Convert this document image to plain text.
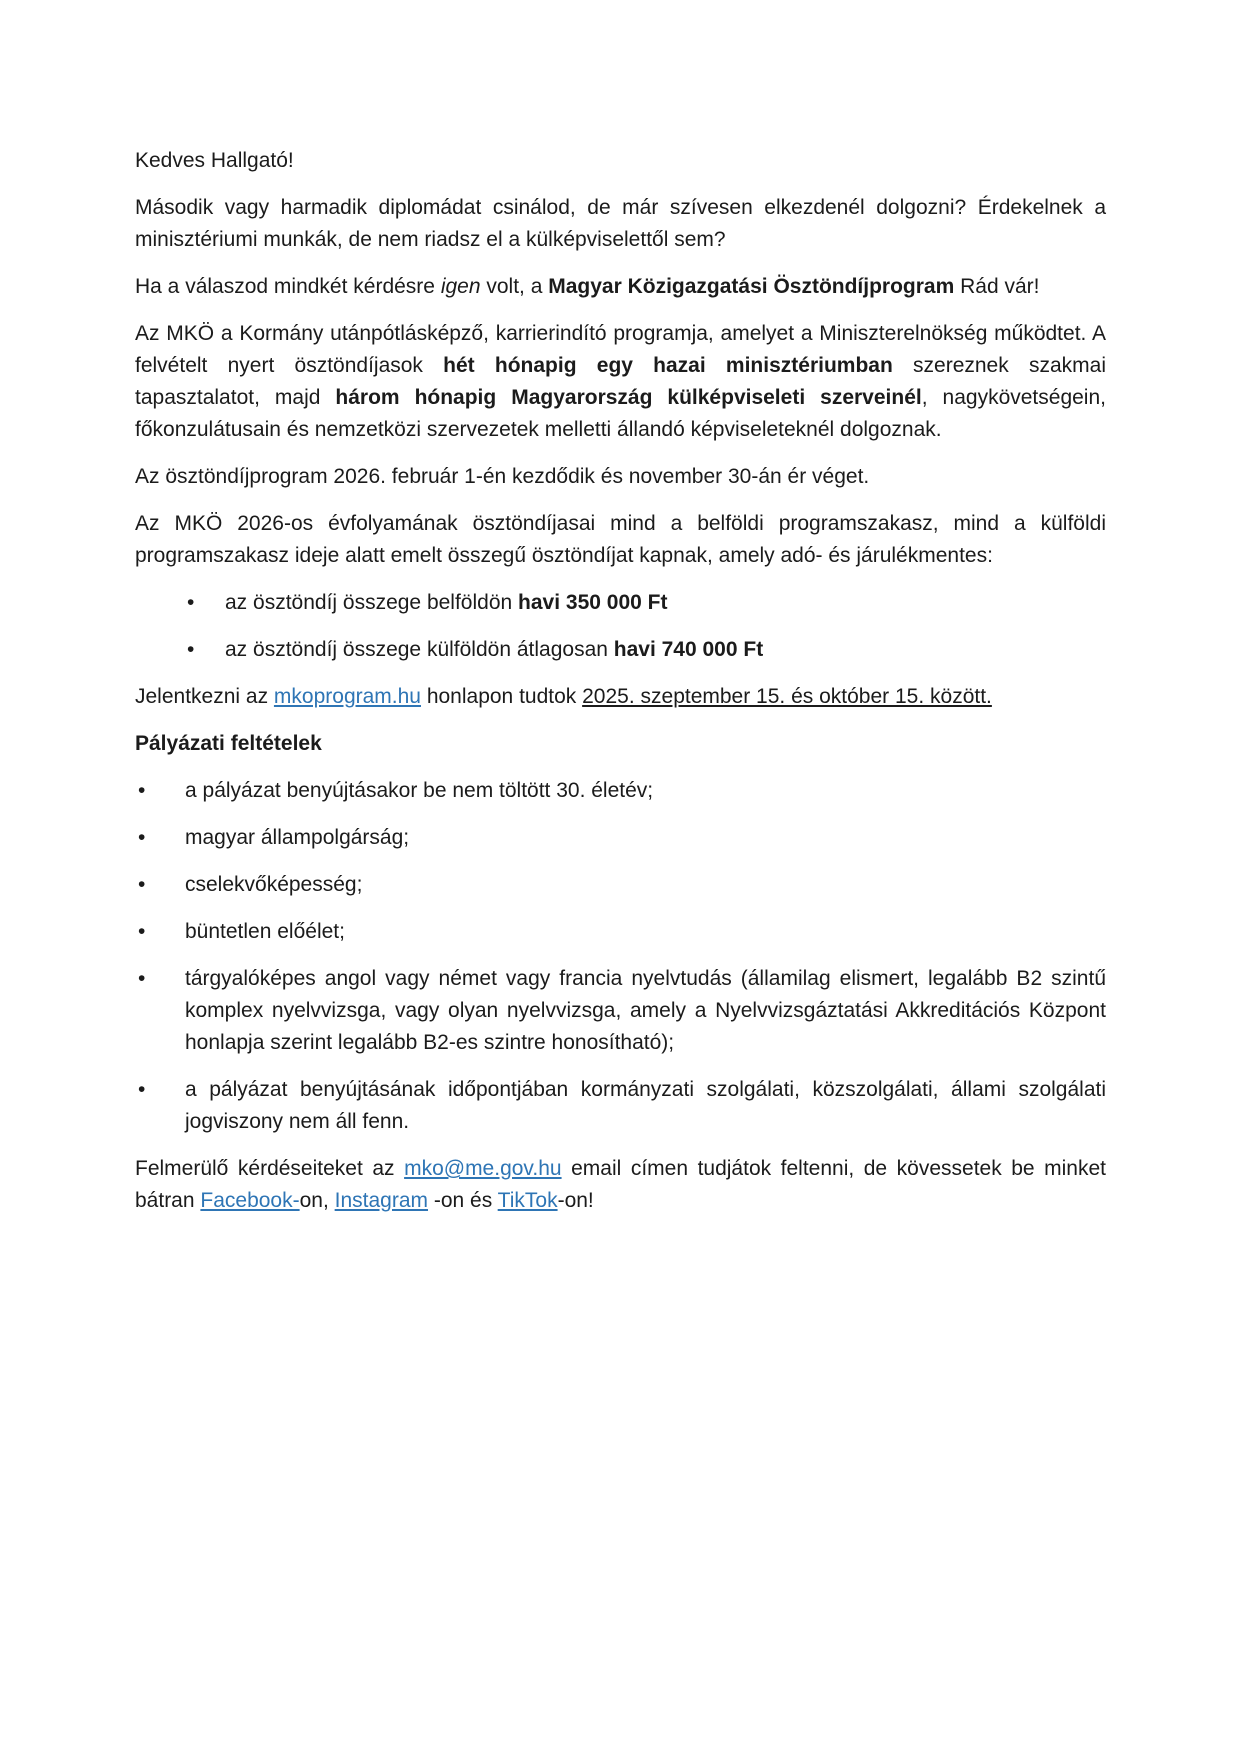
Kedves Hallgató!
Második vagy harmadik diplomádat csinálod, de már szívesen elkezdenél dolgozni? Érdekelnek a minisztériumi munkák, de nem riadsz el a külképviselettől sem?
Ha a válaszod mindkét kérdésre igen volt, a Magyar Közigazgatási Ösztöndíjprogram Rád vár!
Az MKÖ a Kormány utánpótlásképző, karrierindító programja, amelyet a Miniszterelnökség működtet. A felvételt nyert ösztöndíjasok hét hónapig egy hazai minisztériumban szereznek szakmai tapasztalatot, majd három hónapig Magyarország külképviseleti szerveinél, nagykövetségein, főkonzulátusain és nemzetközi szervezetek melletti állandó képviseleteknél dolgoznak.
Az ösztöndíjprogram 2026. február 1-én kezdődik és november 30-án ér véget.
Az MKÖ 2026-os évfolyamának ösztöndíjasai mind a belföldi programszakasz, mind a külföldi programszakasz ideje alatt emelt összegű ösztöndíjat kapnak, amely adó- és járulékmentes:
• az ösztöndíj összege belföldön havi 350 000 Ft
• az ösztöndíj összege külföldön átlagosan havi 740 000 Ft
Jelentkezni az mkoprogram.hu honlapon tudtok 2025. szeptember 15. és október 15. között.
Pályázati feltételek
• a pályázat benyújtásakor be nem töltött 30. életév;
• magyar állampolgárság;
• cselekvőképesség;
• büntetlen előélet;
• tárgyalóképes angol vagy német vagy francia nyelvtudás (államilag elismert, legalább B2 szintű komplex nyelvvizsga, vagy olyan nyelvvizsga, amely a Nyelvvizsgáztatási Akkreditációs Központ honlapja szerint legalább B2-es szintre honosítható);
• a pályázat benyújtásának időpontjában kormányzati szolgálati, közszolgálati, állami szolgálati jogviszony nem áll fenn.
Felmerülő kérdéseiteket az mko@me.gov.hu email címen tudjátok feltenni, de kövessetek be minket bátran Facebook-on, Instagram -on és TikTok-on!
